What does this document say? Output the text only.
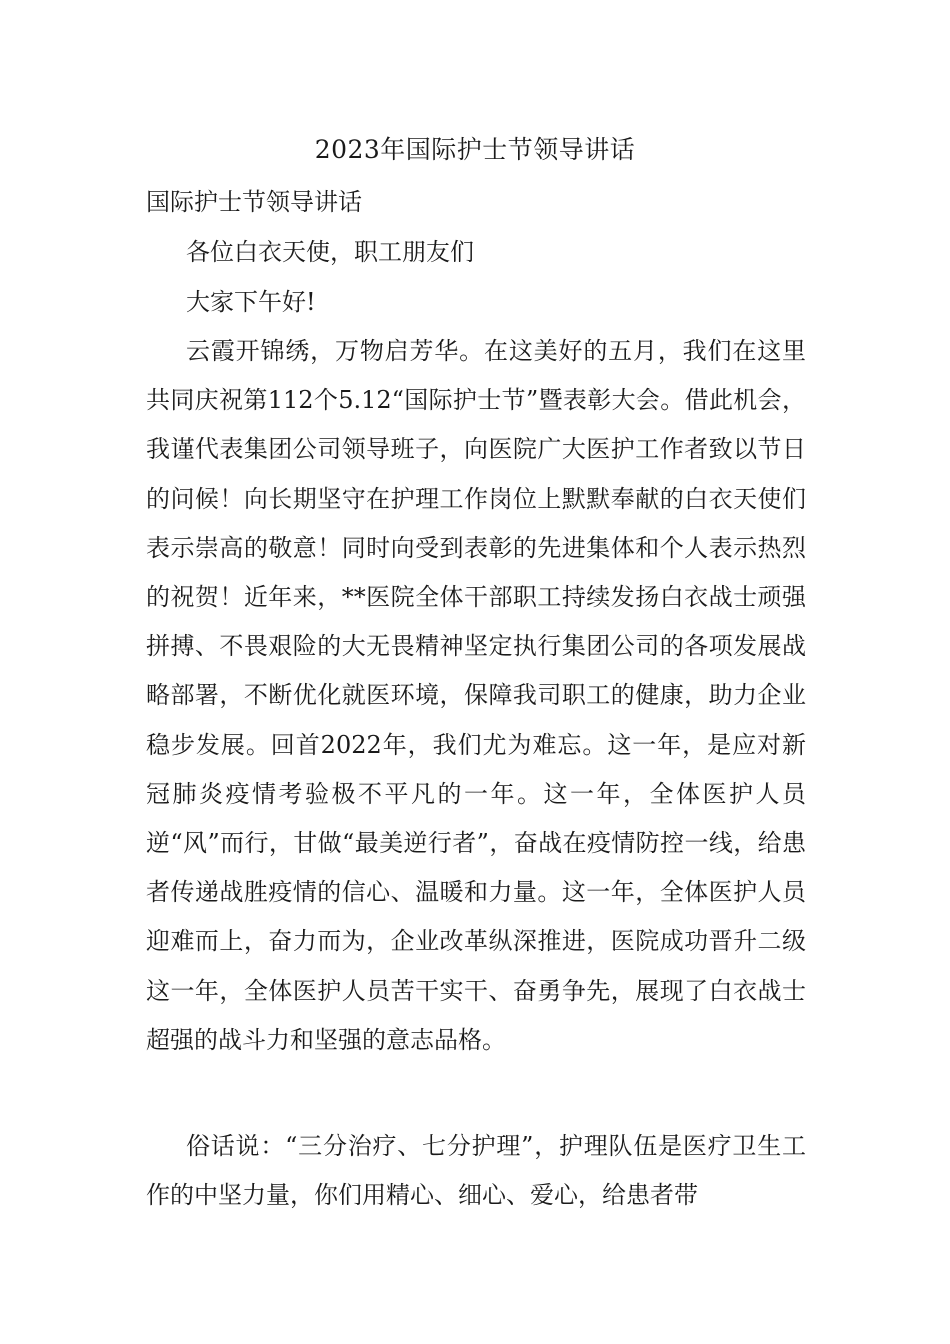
2023年国际护士节领导讲话
国际护士节领导讲话

各位白衣天使，职工朋友们

大家下午好!

云霞开锦绣，万物启芳华。在这美好的五月，我们在这里共同庆祝第112个5.12“国际护士节”暨表彰大会。借此机会，我谨代表集团公司领导班子，向医院广大医护工作者致以节日的问候！向长期坚守在护理工作岗位上默默奉献的白衣天使们表示崇高的敬意！同时向受到表彰的先进集体和个人表示热烈的祝贺！近年来，**医院全体干部职工持续发扬白衣战士顽强拼搏、不畏艰险的大无畏精神坚定执行集团公司的各项发展战略部署，不断优化就医环境，保障我司职工的健康，助力企业稳步发展。回首2022年，我们尤为难忘。这一年，是应对新冠肺炎疫情考验极不平凡的一年。这一年，全体医护人员逆“风”而行，甘做“最美逆行者”，奋战在疫情防控一线，给患者传递战胜疫情的信心、温暖和力量。这一年，全体医护人员迎难而上，奋力而为，企业改革纵深推进，医院成功晋升二级这一年，全体医护人员苦干实干、奋勇争先，展现了白衣战士超强的战斗力和坚强的意志品格。

俗话说：“三分治疗、七分护理”，护理队伍是医疗卫生工作的中坚力量，你们用精心、细心、爱心，给患者带
